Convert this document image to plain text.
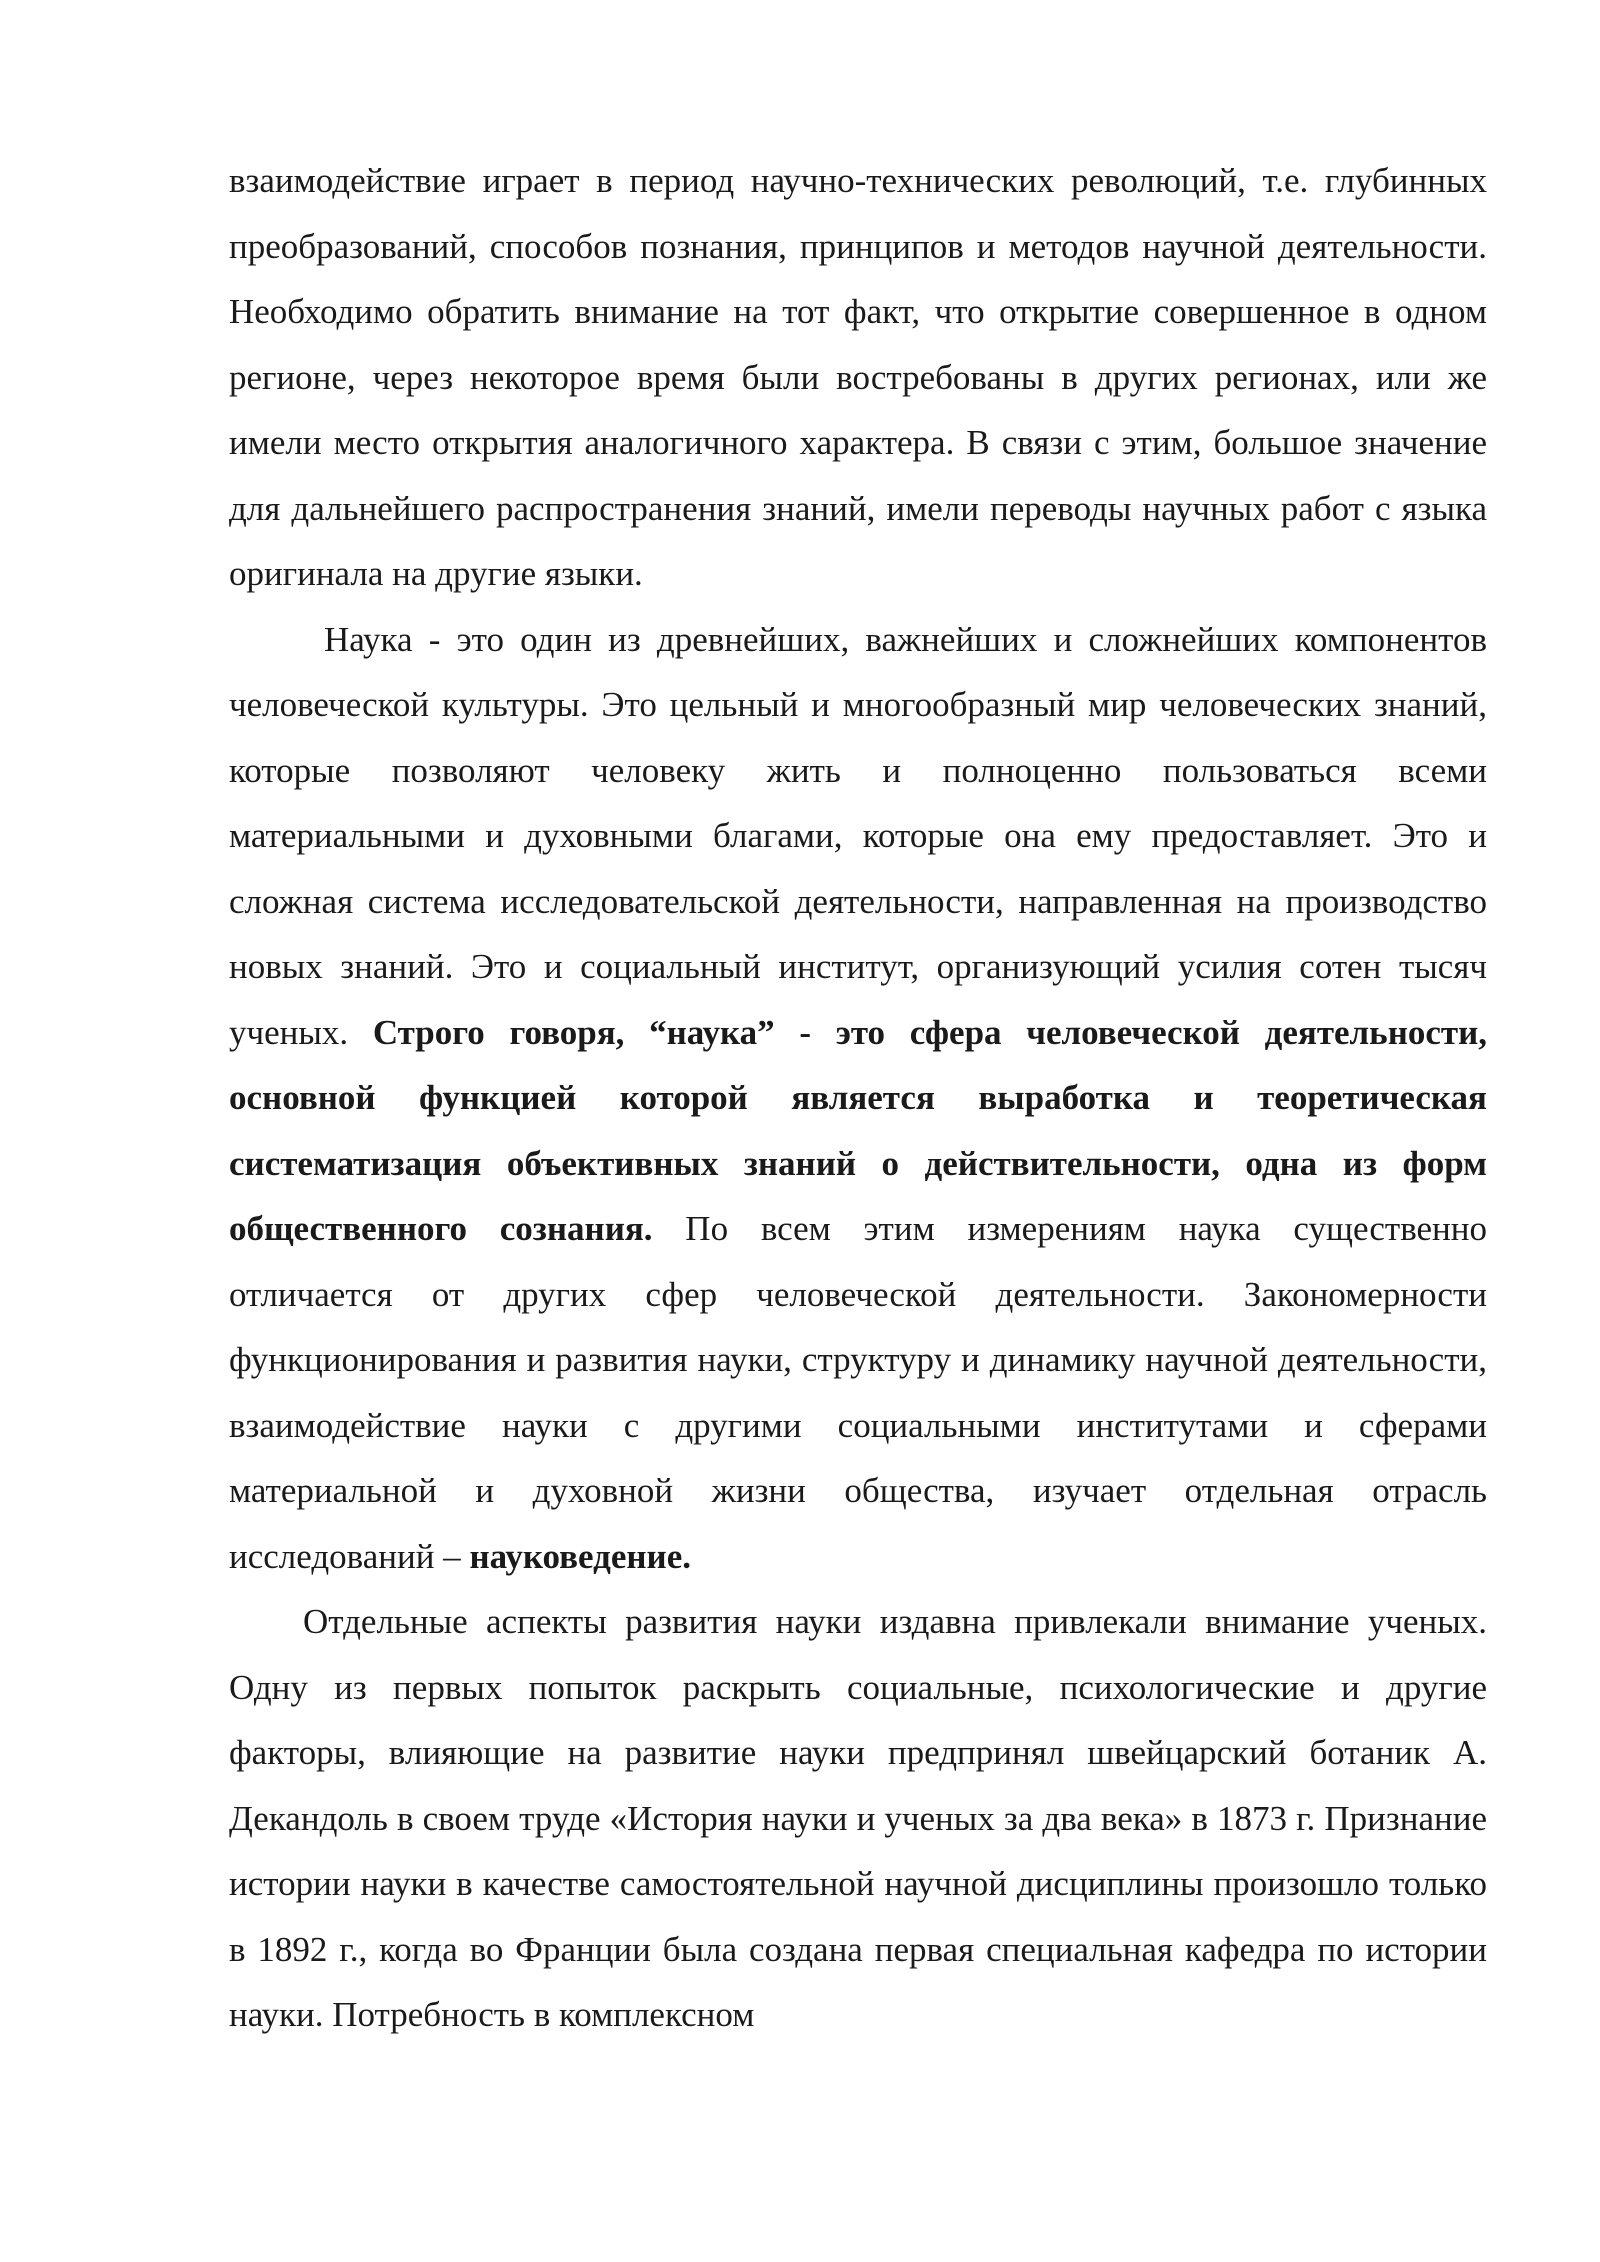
взаимодействие играет в период научно-технических революций, т.е. глубинных преобразований, способов познания, принципов и методов научной деятельности. Необходимо обратить внимание на тот факт, что открытие совершенное в одном регионе, через некоторое время были востребованы в других регионах, или же имели место открытия аналогичного характера. В связи с этим, большое значение для дальнейшего распространения знаний, имели переводы научных работ с языка оригинала на другие языки.

Наука - это один из древнейших, важнейших и сложнейших компонентов человеческой культуры. Это цельный и многообразный мир человеческих знаний, которые позволяют человеку жить и полноценно пользоваться всеми материальными и духовными благами, которые она ему предоставляет. Это и сложная система исследовательской деятельности, направленная на производство новых знаний. Это и социальный институт, организующий усилия сотен тысяч ученых. Строго говоря, “наука” - это сфера человеческой деятельности, основной функцией которой является выработка и теоретическая систематизация объективных знаний о действительности, одна из форм общественного сознания. По всем этим измерениям наука существенно отличается от других сфер человеческой деятельности. Закономерности функционирования и развития науки, структуру и динамику научной деятельности, взаимодействие науки с другими социальными институтами и сферами материальной и духовной жизни общества, изучает отдельная отрасль исследований – науковедение.

Отдельные аспекты развития науки издавна привлекали внимание ученых. Одну из первых попыток раскрыть социальные, психологические и другие факторы, влияющие на развитие науки предпринял швейцарский ботаник А. Декандоль в своем труде «История науки и ученых за два века» в 1873 г. Признание истории науки в качестве самостоятельной научной дисциплины произошло только в 1892 г., когда во Франции была создана первая специальная кафедра по истории науки. Потребность в комплексном
